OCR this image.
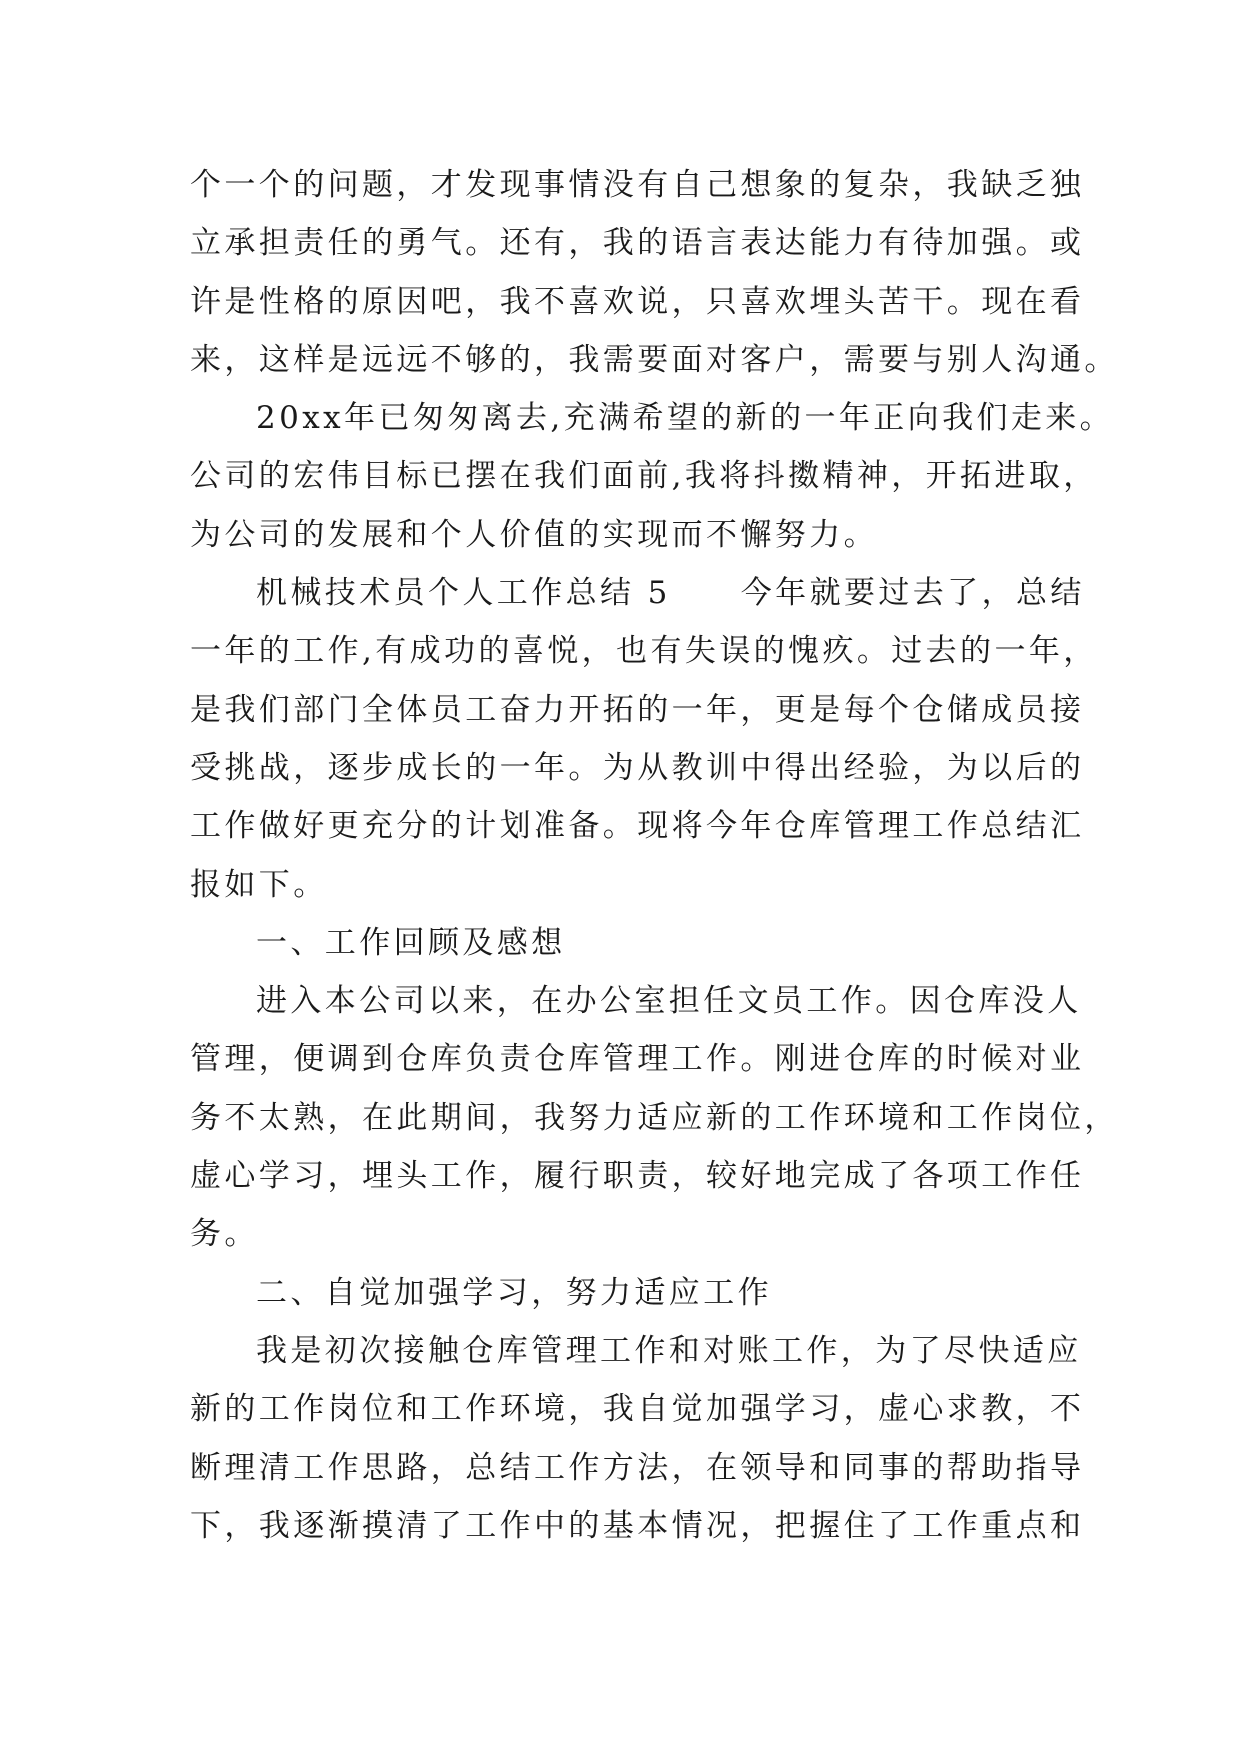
个一个的问题，才发现事情没有自己想象的复杂，我缺乏独
立承担责任的勇气。还有，我的语言表达能力有待加强。或
许是性格的原因吧，我不喜欢说，只喜欢埋头苦干。现在看
来，这样是远远不够的，我需要面对客户，需要与别人沟通。
20xx年已匆匆离去,充满希望的新的一年正向我们走来。
公司的宏伟目标已摆在我们面前,我将抖擞精神，开拓进取，
为公司的发展和个人价值的实现而不懈努力。
机械技术员个人工作总结 5 今年就要过去了，总结
一年的工作,有成功的喜悦，也有失误的愧疚。过去的一年，
是我们部门全体员工奋力开拓的一年，更是每个仓储成员接
受挑战，逐步成长的一年。为从教训中得出经验，为以后的
工作做好更充分的计划准备。现将今年仓库管理工作总结汇
报如下。
一、工作回顾及感想
进入本公司以来，在办公室担任文员工作。因仓库没人
管理，便调到仓库负责仓库管理工作。刚进仓库的时候对业
务不太熟，在此期间，我努力适应新的工作环境和工作岗位，
虚心学习，埋头工作，履行职责，较好地完成了各项工作任
务。
二、自觉加强学习，努力适应工作
我是初次接触仓库管理工作和对账工作，为了尽快适应
新的工作岗位和工作环境，我自觉加强学习，虚心求教，不
断理清工作思路，总结工作方法，在领导和同事的帮助指导
下，我逐渐摸清了工作中的基本情况，把握住了工作重点和
